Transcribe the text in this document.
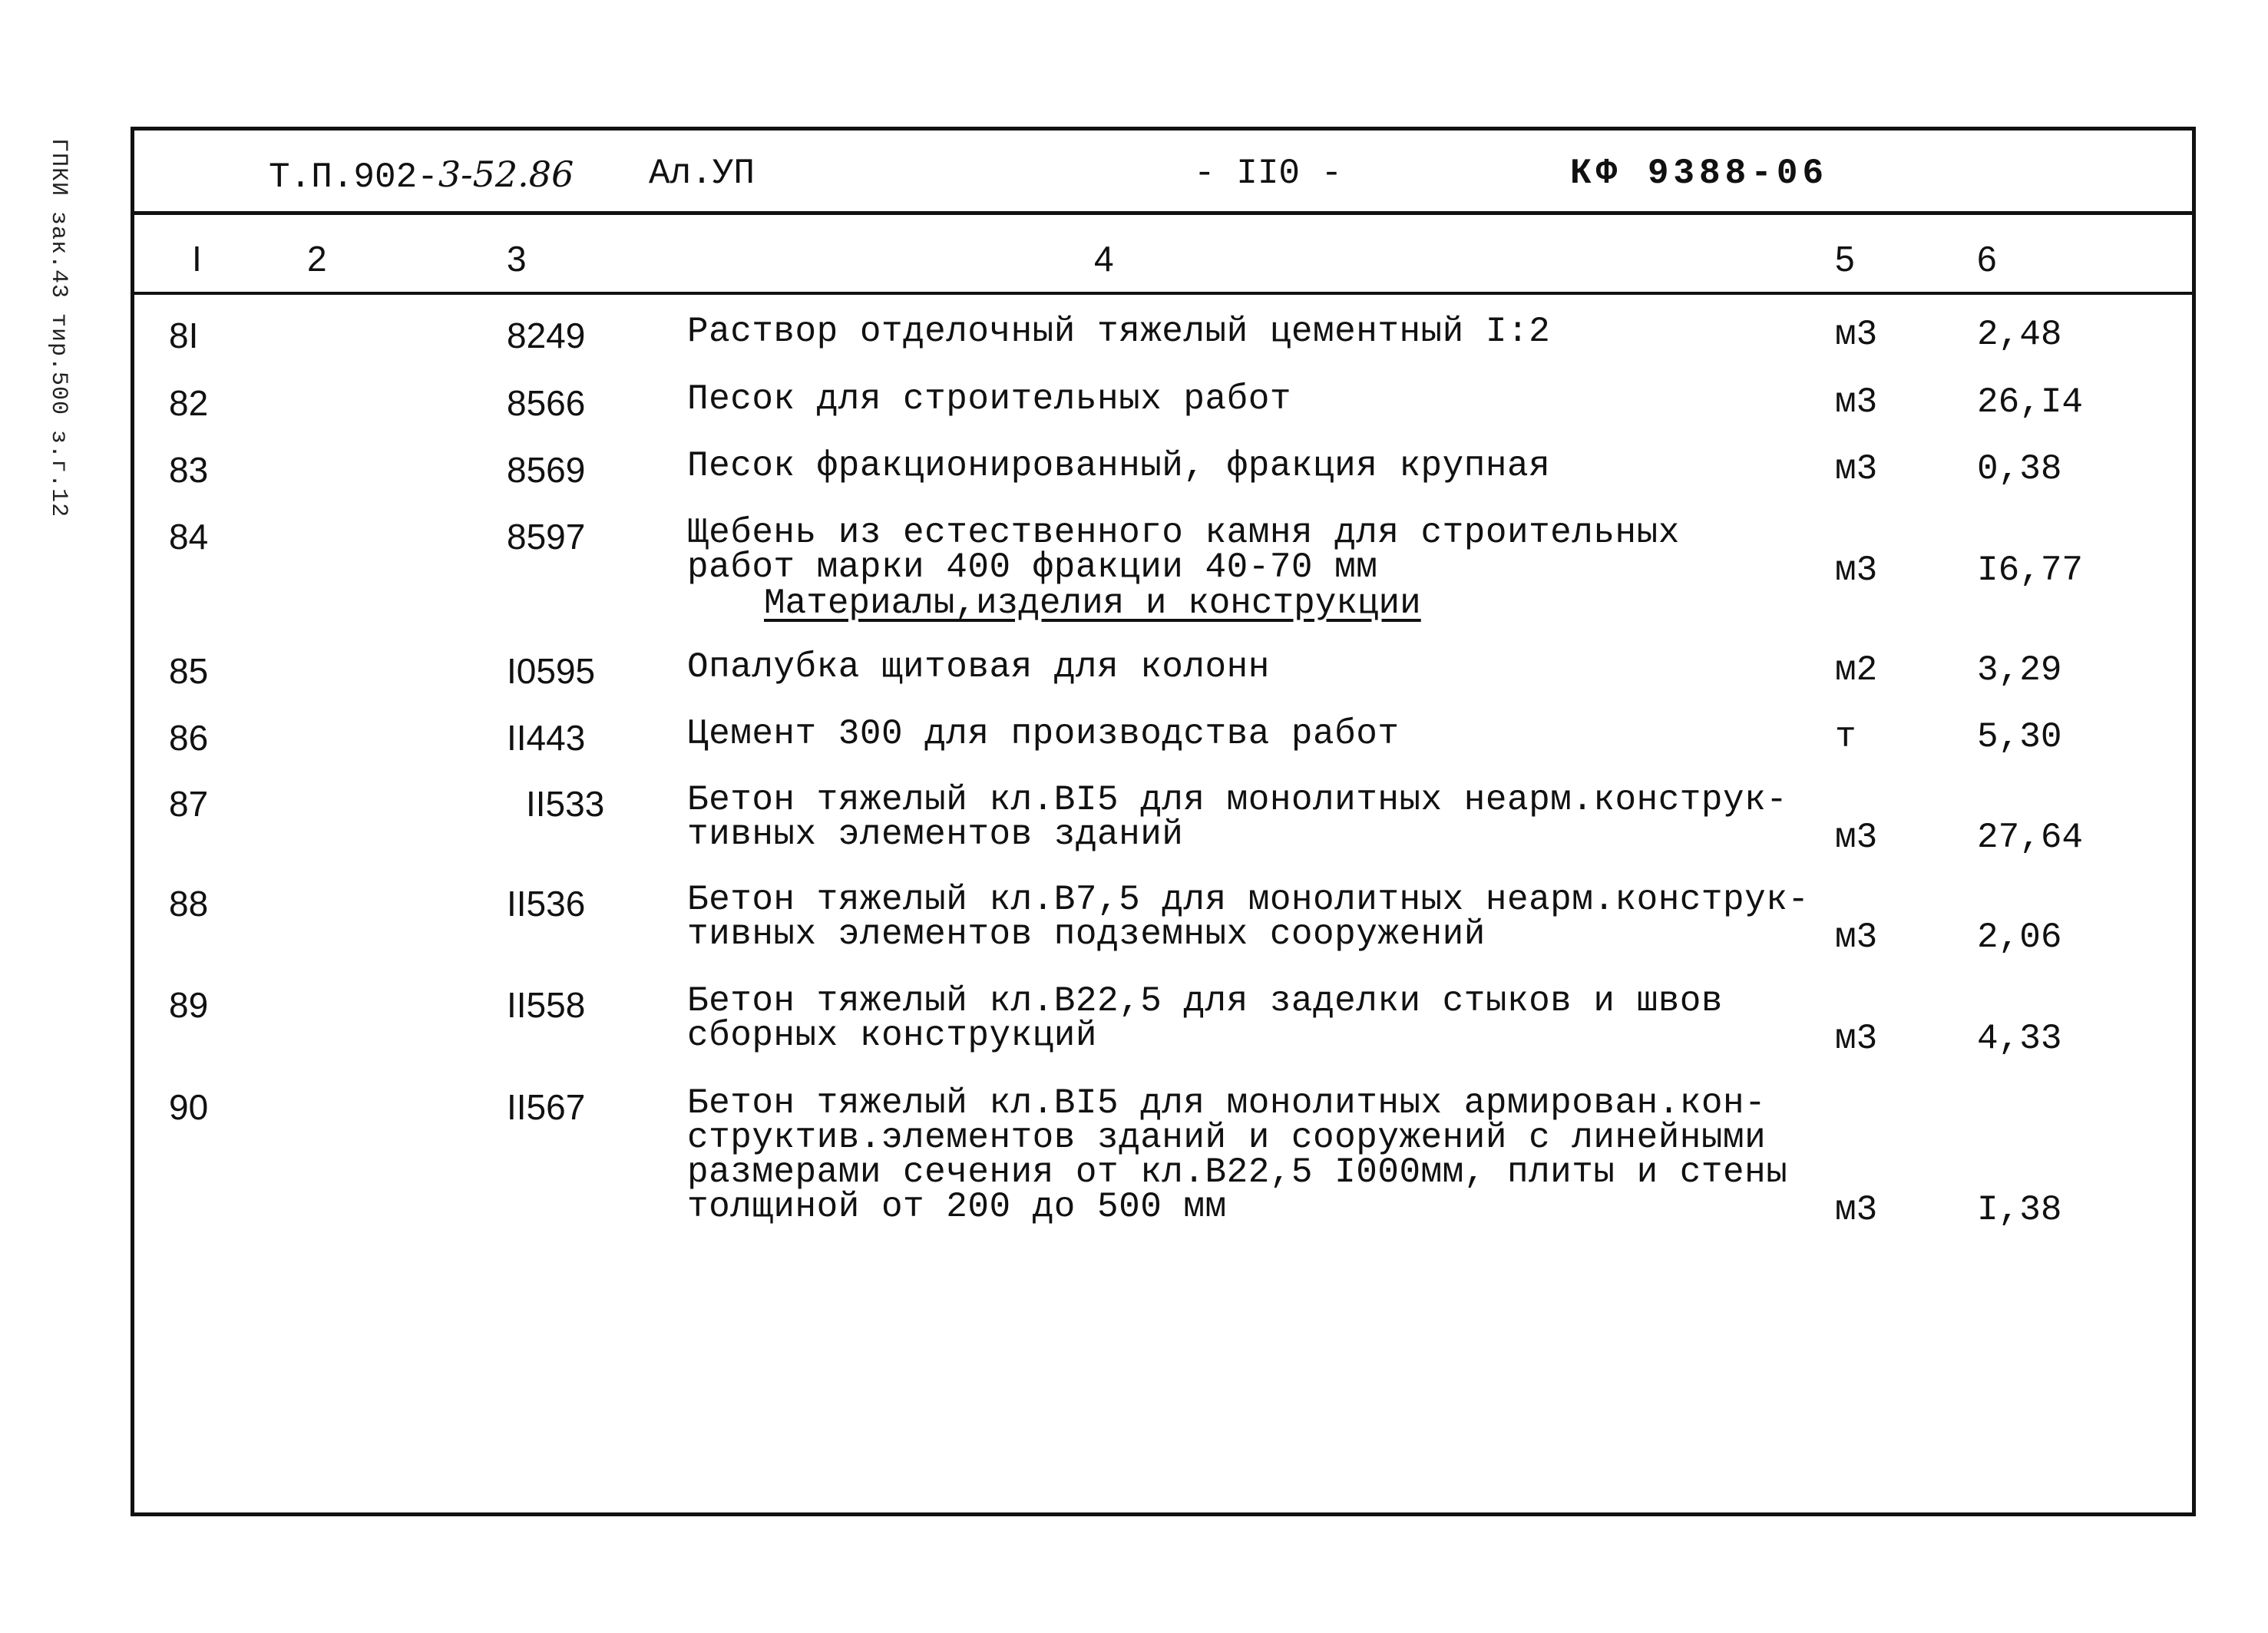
ГПКИ зак.43 тир.500 з.г.12	Т.П.902-3-52.86 Ал.УП	- II0 -	КФ 9388-06
I	2	3	4	5	6
8I	8249	Раствор отделочный тяжелый цементный I:2	м3	2,48
82	8566	Песок для строительных работ	м3	26,I4
83	8569	Песок фракционированный, фракция крупная	м3	0,38
84	8597	Щебень из естественного камня для строительных
работ марки 400 фракции 40-70 мм	м3	I6,77
Материалы,изделия и конструкции
85	I0595	Опалубка щитовая для колонн	м2	3,29
86	II443	Цемент 300 для производства работ	т	5,30
87	II533 Бетон тяжелый кл.BI5 для монолитных неарм.конструк-
тивных элементов зданий	м3	27,64
88	II536	Бетон тяжелый кл.B7,5 для монолитных неарм.конструк-
тивных элементов подземных сооружений	м3	2,06
89	II558	Бетон тяжелый кл.B22,5 для заделки стыков и швов
сборных конструкций	м3	4,33
90	II567	Бетон тяжелый кл.BI5 для монолитных армирован.кон-
структив.элементов зданий и сооружений с линейными
размерами сечения от кл.B22,5 I000мм, плиты и стены
толщиной от 200 до 500 мм	м3	I,38
